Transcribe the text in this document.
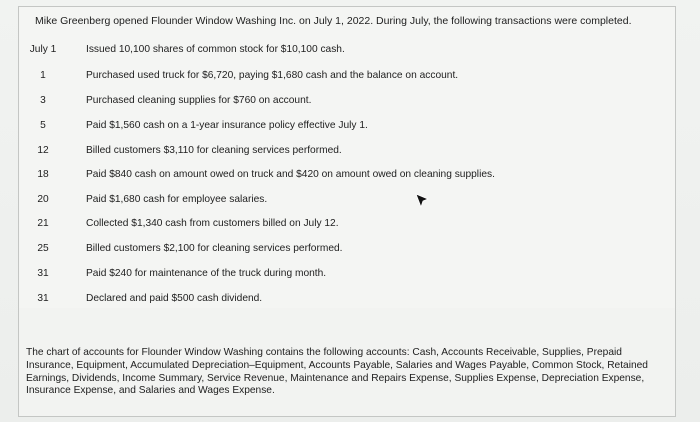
Mike Greenberg opened Flounder Window Washing Inc. on July 1, 2022. During July, the following transactions were completed.
July 1	Issued 10,100 shares of common stock for $10,100 cash.
1	Purchased used truck for $6,720, paying $1,680 cash and the balance on account.
3	Purchased cleaning supplies for $760 on account.
5	Paid $1,560 cash on a 1-year insurance policy effective July 1.
12	Billed customers $3,110 for cleaning services performed.
18	Paid $840 cash on amount owed on truck and $420 on amount owed on cleaning supplies.
20	Paid $1,680 cash for employee salaries.
21	Collected $1,340 cash from customers billed on July 12.
25	Billed customers $2,100 for cleaning services performed.
31	Paid $240 for maintenance of the truck during month.
31	Declared and paid $500 cash dividend.
The chart of accounts for Flounder Window Washing contains the following accounts: Cash, Accounts Receivable, Supplies, Prepaid Insurance, Equipment, Accumulated Depreciation–Equipment, Accounts Payable, Salaries and Wages Payable, Common Stock, Retained Earnings, Dividends, Income Summary, Service Revenue, Maintenance and Repairs Expense, Supplies Expense, Depreciation Expense, Insurance Expense, and Salaries and Wages Expense.
